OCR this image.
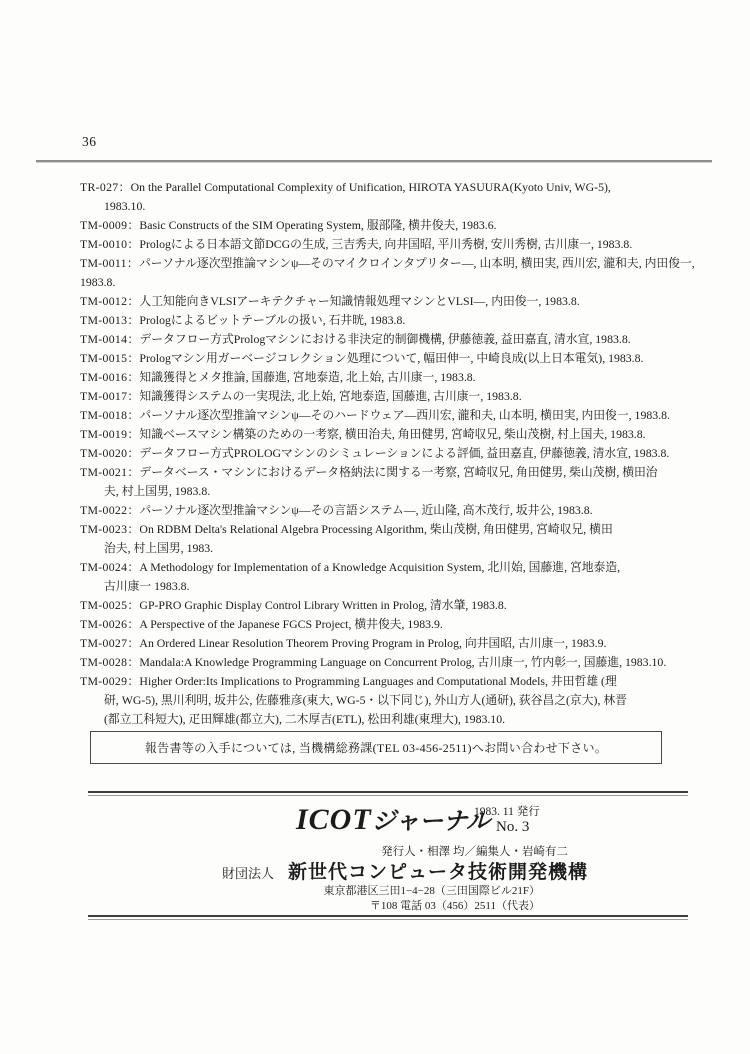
36
TR-027：On the Parallel Computational Complexity of Unification, HIROTA YASUURA(Kyoto Univ, WG-5),
1983.10.
TM-0009：Basic Constructs of the SIM Operating System, 服部隆, 横井俊夫, 1983.6.
TM-0010：Prologによる日本語文節DCGの生成, 三吉秀夫, 向井国昭, 平川秀樹, 安川秀樹, 古川康一, 1983.8.
TM-0011：パーソナル逐次型推論マシンψ—そのマイクロインタプリター—, 山本明, 横田実, 西川宏, 瀧和夫, 内田俊一, 1983.8.
TM-0012：人工知能向きVLSIアーキテクチャー知識情報処理マシンとVLSI—, 内田俊一, 1983.8.
TM-0013：Prologによるビットテーブルの扱い, 石井晄, 1983.8.
TM-0014：データフロー方式Prologマシンにおける非決定的制御機構, 伊藤徳義, 益田嘉直, 清水宣, 1983.8.
TM-0015：Prologマシン用ガーベージコレクション処理について, 幅田伸一, 中崎良成(以上日本電気), 1983.8.
TM-0016：知識獲得とメタ推論, 国藤進, 宮地泰造, 北上始, 古川康一, 1983.8.
TM-0017：知識獲得システムの一実現法, 北上始, 宮地泰造, 国藤進, 古川康一, 1983.8.
TM-0018：パーソナル逐次型推論マシンψ—そのハードウェア—西川宏, 瀧和夫, 山本明, 横田実, 内田俊一, 1983.8.
TM-0019：知識ベースマシン構築のための一考察, 横田治夫, 角田健男, 宮崎収兄, 柴山茂樹, 村上国夫, 1983.8.
TM-0020：データフロー方式PROLOGマシンのシミュレーションによる評価, 益田嘉直, 伊藤徳義, 清水宣, 1983.8.
TM-0021：データベース・マシンにおけるデータ格納法に関する一考察, 宮崎収兄, 角田健男, 柴山茂樹, 横田治
夫, 村上国男, 1983.8.
TM-0022：パーソナル逐次型推論マシンψ—その言語システム—, 近山隆, 高木茂行, 坂井公, 1983.8.
TM-0023：On RDBM Delta's Relational Algebra Processing Algorithm, 柴山茂樹, 角田健男, 宮崎収兄, 横田
治夫, 村上国男, 1983.
TM-0024：A Methodology for Implementation of a Knowledge Acquisition System, 北川始, 国藤進, 宮地泰造,
古川康一 1983.8.
TM-0025：GP-PRO Graphic Display Control Library Written in Prolog, 清水肇, 1983.8.
TM-0026：A Perspective of the Japanese FGCS Project, 横井俊夫, 1983.9.
TM-0027：An Ordered Linear Resolution Theorem Proving Program in Prolog, 向井国昭, 古川康一, 1983.9.
TM-0028：Mandala:A Knowledge Programming Language on Concurrent Prolog, 古川康一, 竹内彰一, 国藤進, 1983.10.
TM-0029：Higher Order:Its Implications to Programming Languages and Computational Models, 井田哲雄 (理
研, WG-5), 黒川利明, 坂井公, 佐藤雅彦(東大, WG-5・以下同じ), 外山方人(通研), 荻谷昌之(京大), 林晋
(都立工科短大), 疋田輝雄(都立大), 二木厚吉(ETL), 松田利雄(東理大), 1983.10.
報告書等の入手については, 当機構総務課(TEL 03-456-2511)へお問い合わせ下さい。
ICOTジャーナル
1983. 11 発行
No. 3
発行人・相澤 均／編集人・岩崎有二
財団法人 新世代コンピュータ技術開発機構
東京都港区三田1−4−28（三田国際ビル21F）
〒108 電話 03（456）2511（代表）
